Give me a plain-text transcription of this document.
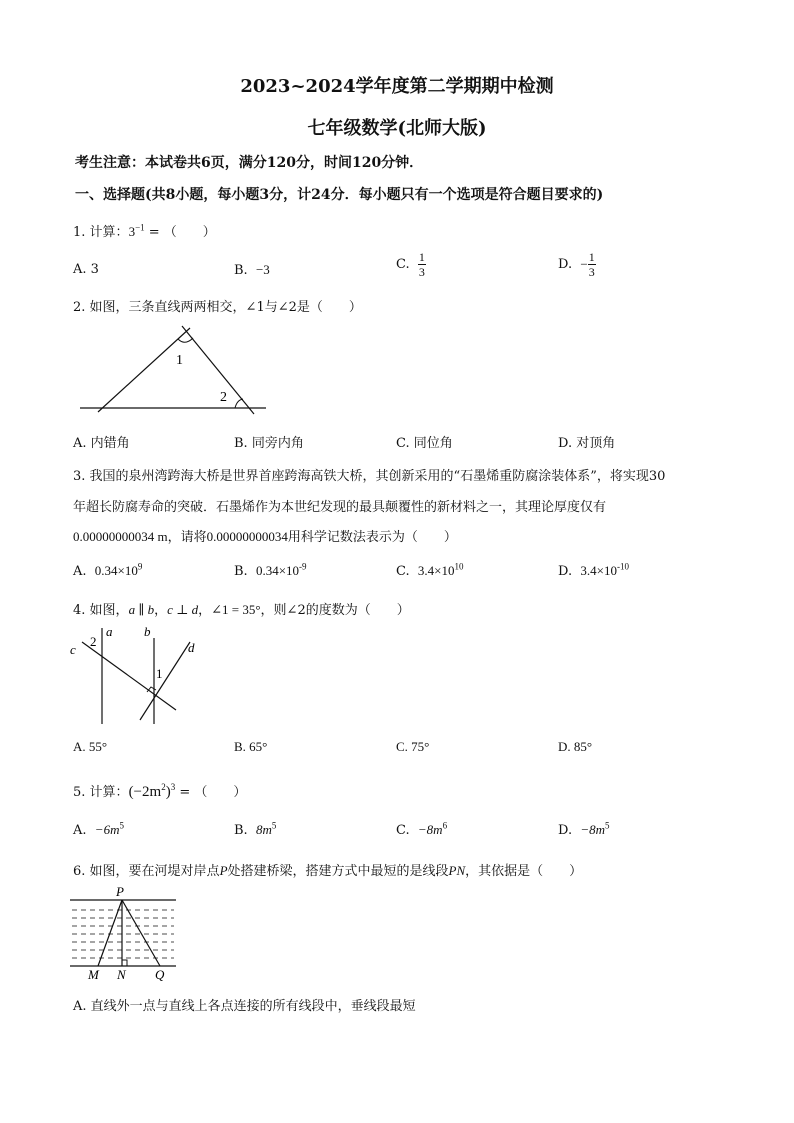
2023~2024学年度第二学期期中检测
七年级数学(北师大版)
考生注意：本试卷共6页，满分120分，时间120分钟．
一、选择题(共8小题，每小题3分，计24分．每小题只有一个选项是符合题目要求的)
1. 计算：$3^{-1}$ = （　　）
A. 3	B. −3	C. $\frac{1}{3}$	D. − $\frac{1}{3}$
2. 如图，三条直线两两相交，∠1与∠2是（　　）
1
2
A. 内错角	B. 同旁内角	C. 同位角	D. 对顶角
3. 我国的泉州湾跨海大桥是世界首座跨海高铁大桥，其创新采用的“石墨烯重防腐涂装体系”，将实现30
年超长防腐寿命的突破．石墨烯作为本世纪发现的最具颠覆性的新材料之一，其理论厚度仅有
0.00000000034 m，请将0.00000000034用科学记数法表示为（　　）
A. $0.34\times 10^9$	B. $0.34\times 10^{-9}$	C. $3.4\times 10^{10}$	D. $3.4\times 10^{-10}$
4. 如图，a ∥ b，c ⊥ d，∠1 = 35°，则∠2的度数为（　　）
a b
c	d
2
1
A. 55°	B. 65°	C. 75°	D. 85°
5. 计算：$(-2m^2)^3$ = （　　）
A. $-6m^5$	B. $8m^5$	C. $-8m^6$	D. $-8m^5$
6. 如图，要在河堤对岸点P处搭建桥梁，搭建方式中最短的是线段PN，其依据是（　　）
P
M N Q
A. 直线外一点与直线上各点连接的所有线段中，垂线段最短
